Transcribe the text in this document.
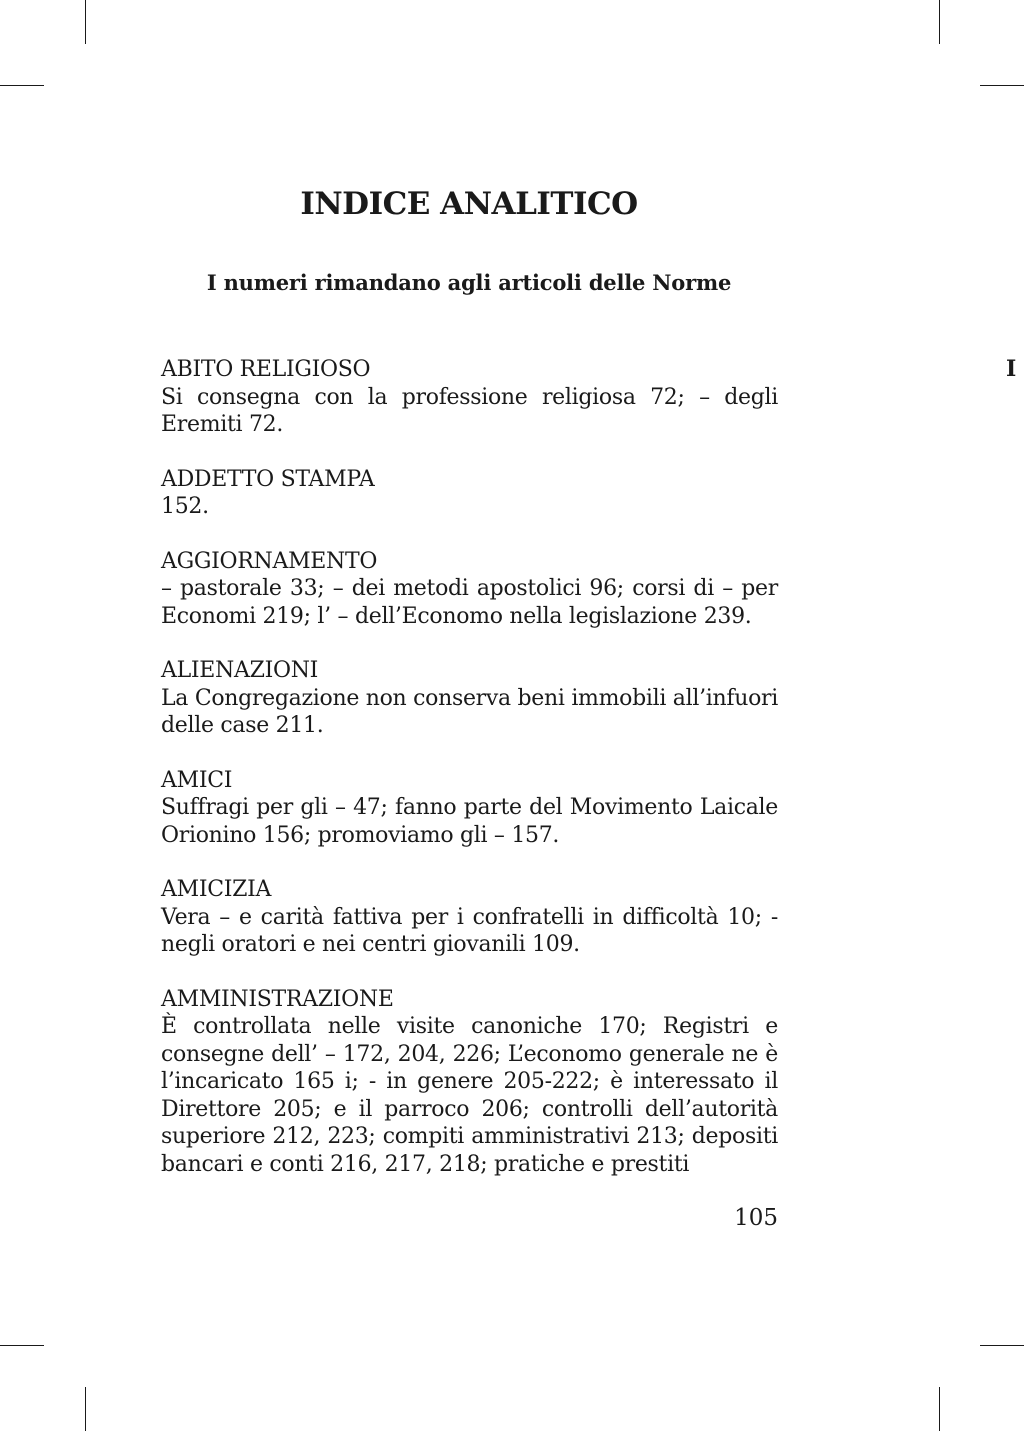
INDICE ANALITICO

I numeri rimandano agli articoli delle Norme

I

ABITO RELIGIOSO
Si consegna con la professione religiosa 72; – degli Eremiti 72.
ADDETTO STAMPA
152.
AGGIORNAMENTO
– pastorale 33; – dei metodi apostolici 96; corsi di – per Economi 219; l’ – dell’Economo nella legislazione 239.
ALIENAZIONI
La Congregazione non conserva beni immobili all’infuori delle case 211.
AMICI
Suffragi per gli – 47; fanno parte del Movimento Laicale Orionino 156; promoviamo gli – 157.
AMICIZIA
Vera – e carità fattiva per i confratelli in difficoltà 10; - negli oratori e nei centri giovanili 109.
AMMINISTRAZIONE
È controllata nelle visite canoniche 170; Registri e consegne dell’ – 172, 204, 226; L’economo generale ne è l’incaricato 165 i; - in genere 205-222; è interessato il Direttore 205; e il parroco 206; controlli dell’autorità superiore 212, 223; compiti amministrativi 213; depositi bancari e conti 216, 217, 218; pratiche e prestiti

105
